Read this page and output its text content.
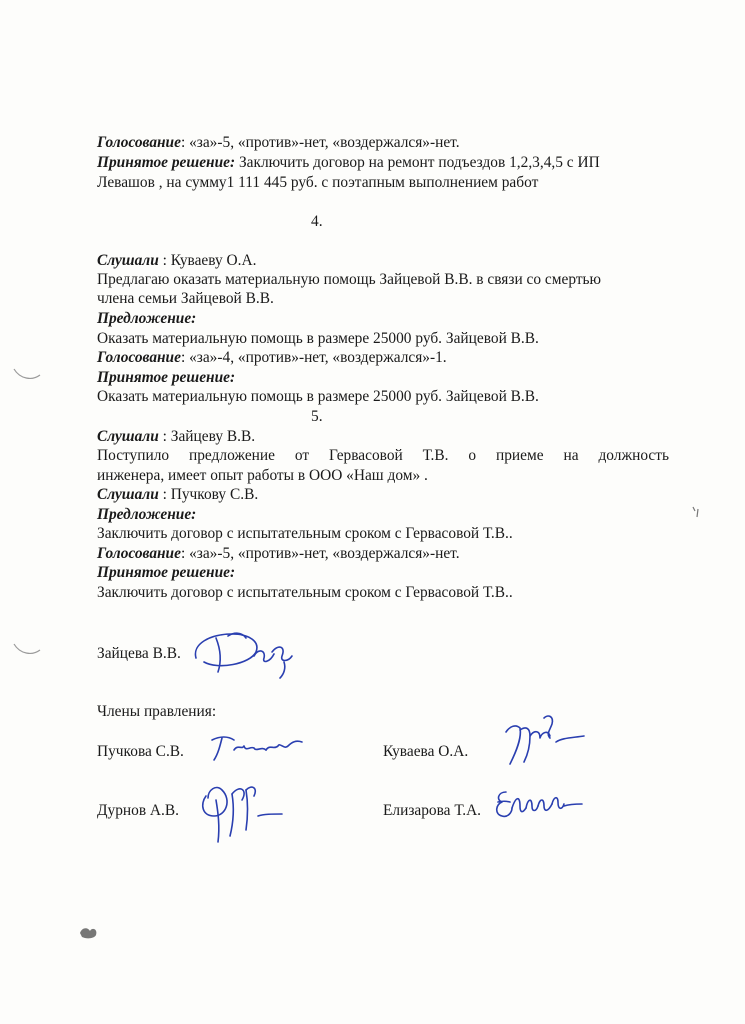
Голосование: «за»-5, «против»-нет, «воздержался»-нет.
Принятое решение: Заключить договор на ремонт подъездов 1,2,3,4,5 с ИП
Левашов , на сумму1 111 445 руб. с поэтапным выполнением работ
4.
Слушали : Куваеву О.А.
Предлагаю оказать материальную помощь Зайцевой В.В. в связи со смертью
члена семьи Зайцевой В.В.
Предложение:
Оказать материальную помощь в размере 25000 руб. Зайцевой В.В.
Голосование: «за»-4, «против»-нет, «воздержался»-1.
Принятое решение:
Оказать материальную помощь в размере 25000 руб. Зайцевой В.В.
5.
Слушали : Зайцеву В.В.
Поступило предложение от Гервасовой Т.В. о приеме на должность
инженера, имеет опыт работы в ООО «Наш дом» .
Слушали : Пучкову С.В.
Предложение:
Заключить договор с испытательным сроком с Гервасовой Т.В..
Голосование: «за»-5, «против»-нет, «воздержался»-нет.
Принятое решение:
Заключить договор с испытательным сроком с Гервасовой Т.В..
Зайцева В.В.
Члены правления:
Пучкова С.В.	Куваева О.А.
Дурнов А.В.	Елизарова Т.А.
